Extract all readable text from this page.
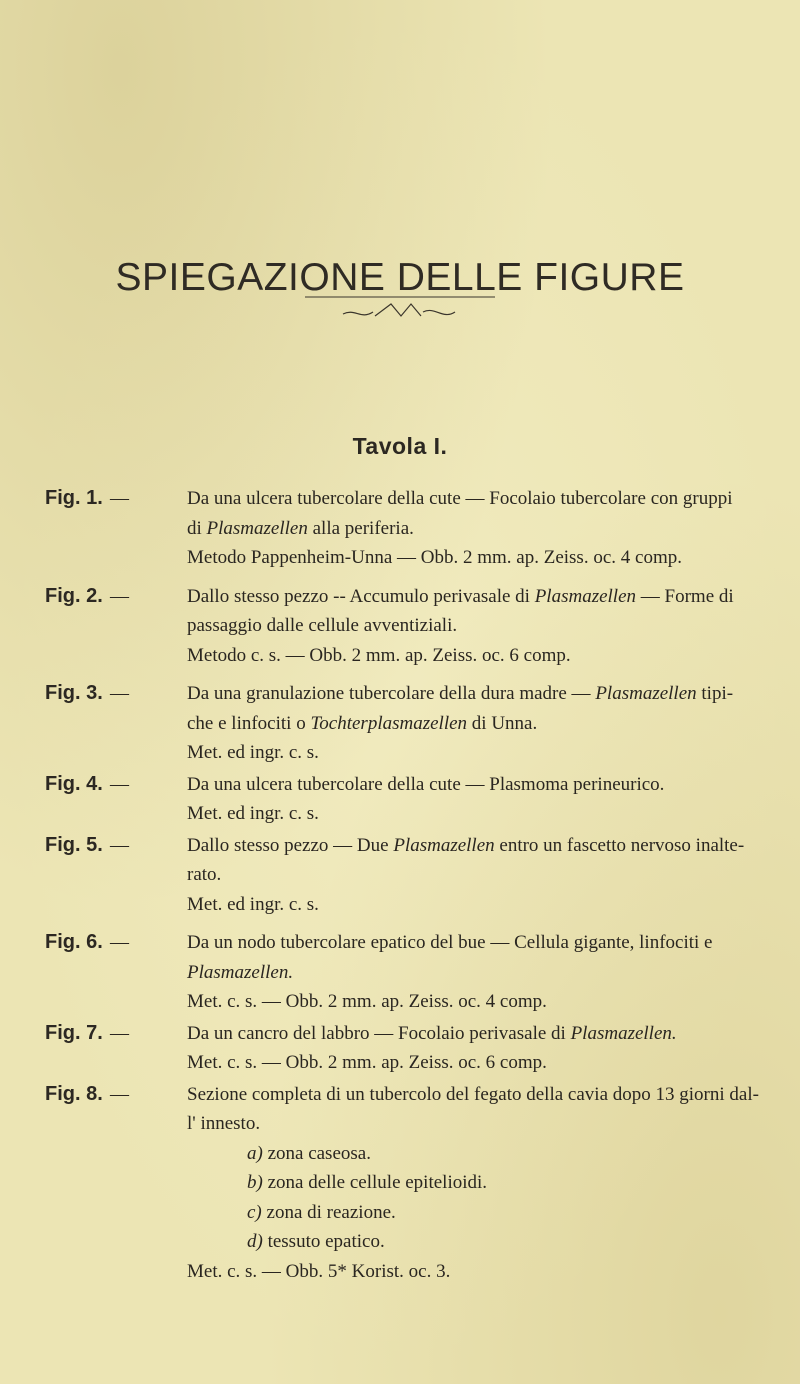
SPIEGAZIONE DELLE FIGURE
Tavola I.
Fig. 1. —	Da una ulcera tubercolare della cute — Focolaio tubercolare con gruppi
di Plasmazellen alla periferia.
Metodo Pappenheim-Unna — Obb. 2 mm. ap. Zeiss. oc. 4 comp.
Fig. 2. —	Dallo stesso pezzo -- Accumulo perivasale di Plasmazellen — Forme di
passaggio dalle cellule avventiziali.
Metodo c. s. — Obb. 2 mm. ap. Zeiss. oc. 6 comp.
Fig. 3. —	Da una granulazione tubercolare della dura madre — Plasmazellen tipi-
che e linfociti o Tochterplasmazellen di Unna.
Met. ed ingr. c. s.
Fig. 4. —	Da una ulcera tubercolare della cute — Plasmoma perineurico.
Met. ed ingr. c. s.
Fig. 5. —	Dallo stesso pezzo — Due Plasmazellen entro un fascetto nervoso inalte-
rato.
Met. ed ingr. c. s.
Fig. 6. —	Da un nodo tubercolare epatico del bue — Cellula gigante, linfociti e
Plasmazellen.
Met. c. s. — Obb. 2 mm. ap. Zeiss. oc. 4 comp.
Fig. 7. —	Da un cancro del labbro — Focolaio perivasale di Plasmazellen.
Met. c. s. — Obb. 2 mm. ap. Zeiss. oc. 6 comp.
Fig. 8. —	Sezione completa di un tubercolo del fegato della cavia dopo 13 giorni dal-
l' innesto.
a) zona caseosa.
b) zona delle cellule epitelioidi.
c) zona di reazione.
d) tessuto epatico.
Met. c. s. — Obb. 5* Korist. oc. 3.
